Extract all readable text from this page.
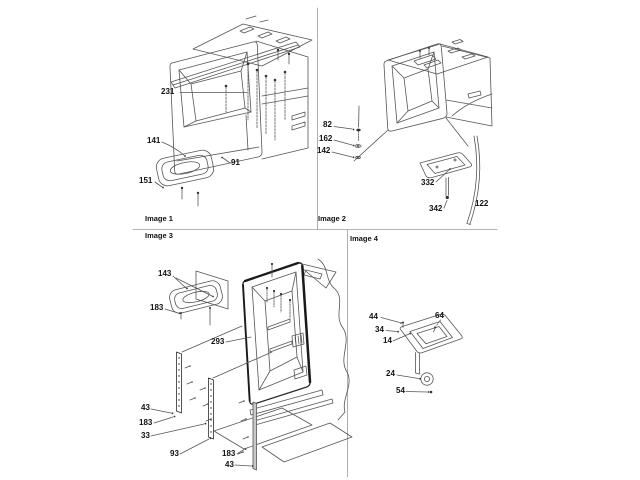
Image 1	Image 2
Image 3	Image 4
231
141
151
91
82
162
142
332
342
122
143
183
293
43
183
33
93	183
43
44
34
14
64
24
54
